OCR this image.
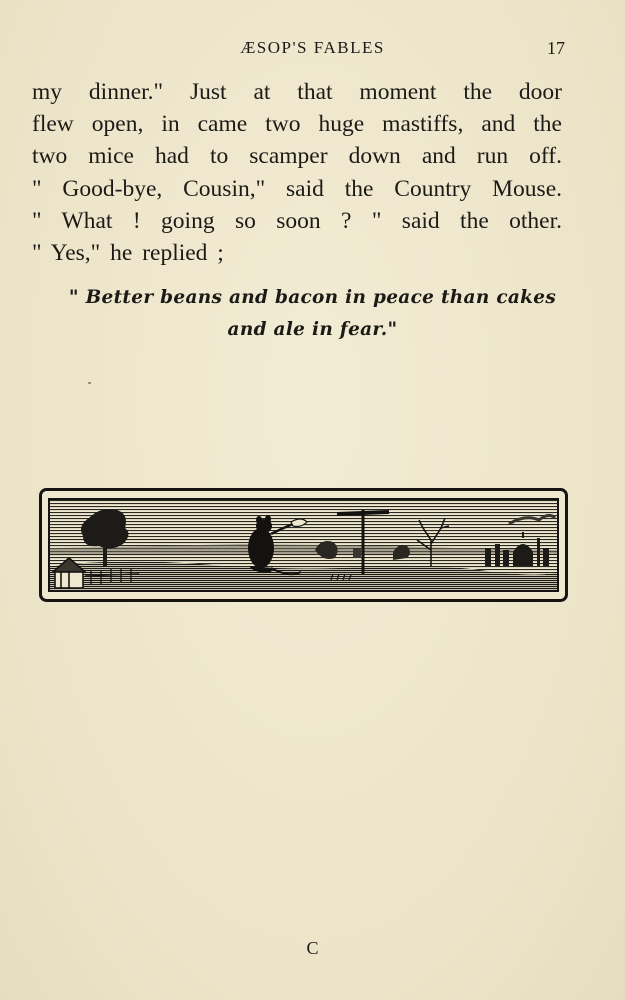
ÆSOP'S FABLES	17
my dinner." Just at that moment the door
flew open, in came two huge mastiffs, and the
two mice had to scamper down and run off.
" Good-bye, Cousin," said the Country Mouse.
" What ! going so soon ? " said the other.
" Yes," he replied ;
" Better beans and bacon in peace than cakes
and ale in fear."
C
